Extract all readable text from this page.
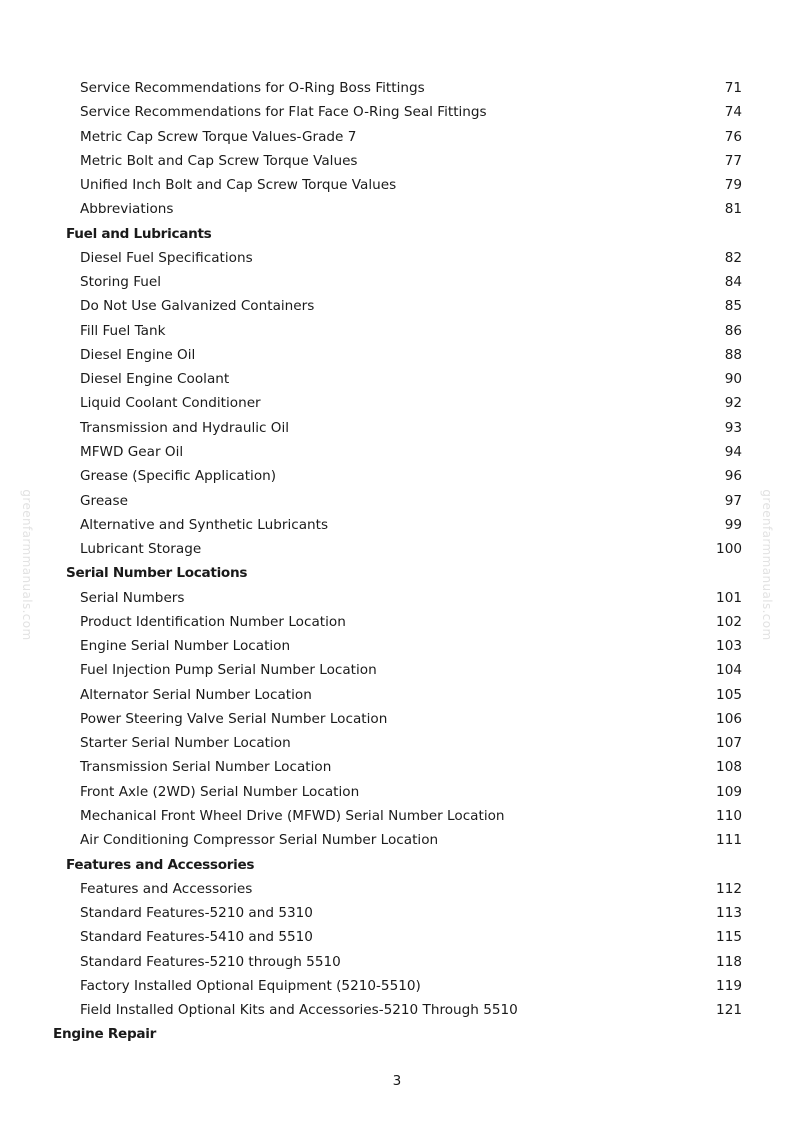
greenfarmmanuals.com	greenfarmmanuals.com
Service Recommendations for O-Ring Boss Fittings	71
Service Recommendations for Flat Face O-Ring Seal Fittings	74
Metric Cap Screw Torque Values-Grade 7	76
Metric Bolt and Cap Screw Torque Values	77
Unified Inch Bolt and Cap Screw Torque Values	79
Abbreviations	81
Fuel and Lubricants
Diesel Fuel Specifications	82
Storing Fuel	84
Do Not Use Galvanized Containers	85
Fill Fuel Tank	86
Diesel Engine Oil	88
Diesel Engine Coolant	90
Liquid Coolant Conditioner	92
Transmission and Hydraulic Oil	93
MFWD Gear Oil	94
Grease (Specific Application)	96
Grease	97
Alternative and Synthetic Lubricants	99
Lubricant Storage	100
Serial Number Locations
Serial Numbers	101
Product Identification Number Location	102
Engine Serial Number Location	103
Fuel Injection Pump Serial Number Location	104
Alternator Serial Number Location	105
Power Steering Valve Serial Number Location	106
Starter Serial Number Location	107
Transmission Serial Number Location	108
Front Axle (2WD) Serial Number Location	109
Mechanical Front Wheel Drive (MFWD) Serial Number Location	110
Air Conditioning Compressor Serial Number Location	111
Features and Accessories
Features and Accessories	112
Standard Features-5210 and 5310	113
Standard Features-5410 and 5510	115
Standard Features-5210 through 5510	118
Factory Installed Optional Equipment (5210-5510)	119
Field Installed Optional Kits and Accessories-5210 Through 5510	121
Engine Repair
3
